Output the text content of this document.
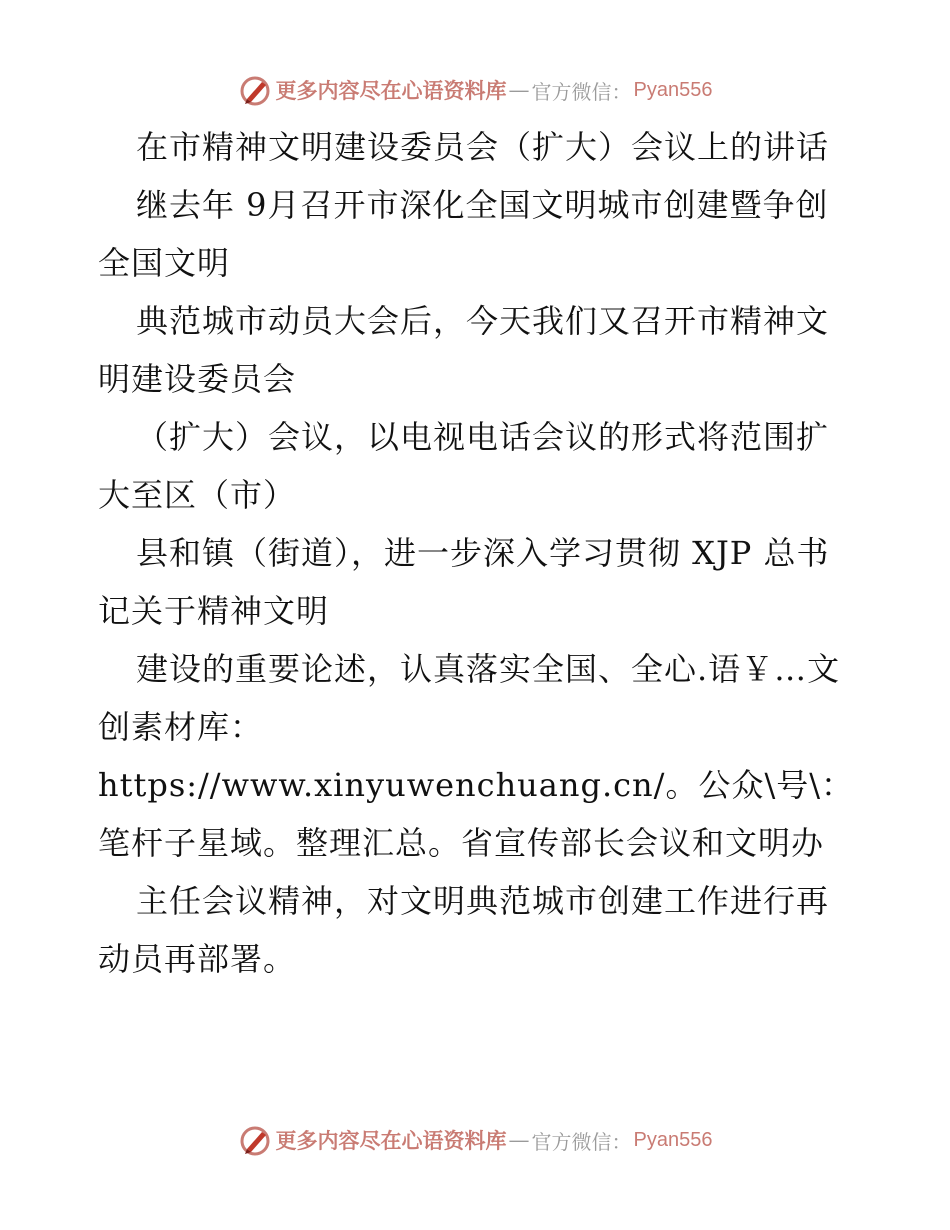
更多内容尽在心语资料库 — 官方微信： Pyan556

在市精神文明建设委员会（扩大）会议上的讲话

继去年 9月召开市深化全国文明城市创建暨争创全国文明

典范城市动员大会后，今天我们又召开市精神文明建设委员会

（扩大）会议，以电视电话会议的形式将范围扩大至区（市）

县和镇（街道），进一步深入学习贯彻 XJP 总书记关于精神文明

建设的重要论述，认真落实全国、全心.语￥…文创素材库：https://www.xinyuwenchuang.cn/。公众\号\：笔杆子星域。整理汇总。省宣传部长会议和文明办

主任会议精神，对文明典范城市创建工作进行再动员再部署。

更多内容尽在心语资料库 — 官方微信： Pyan556
